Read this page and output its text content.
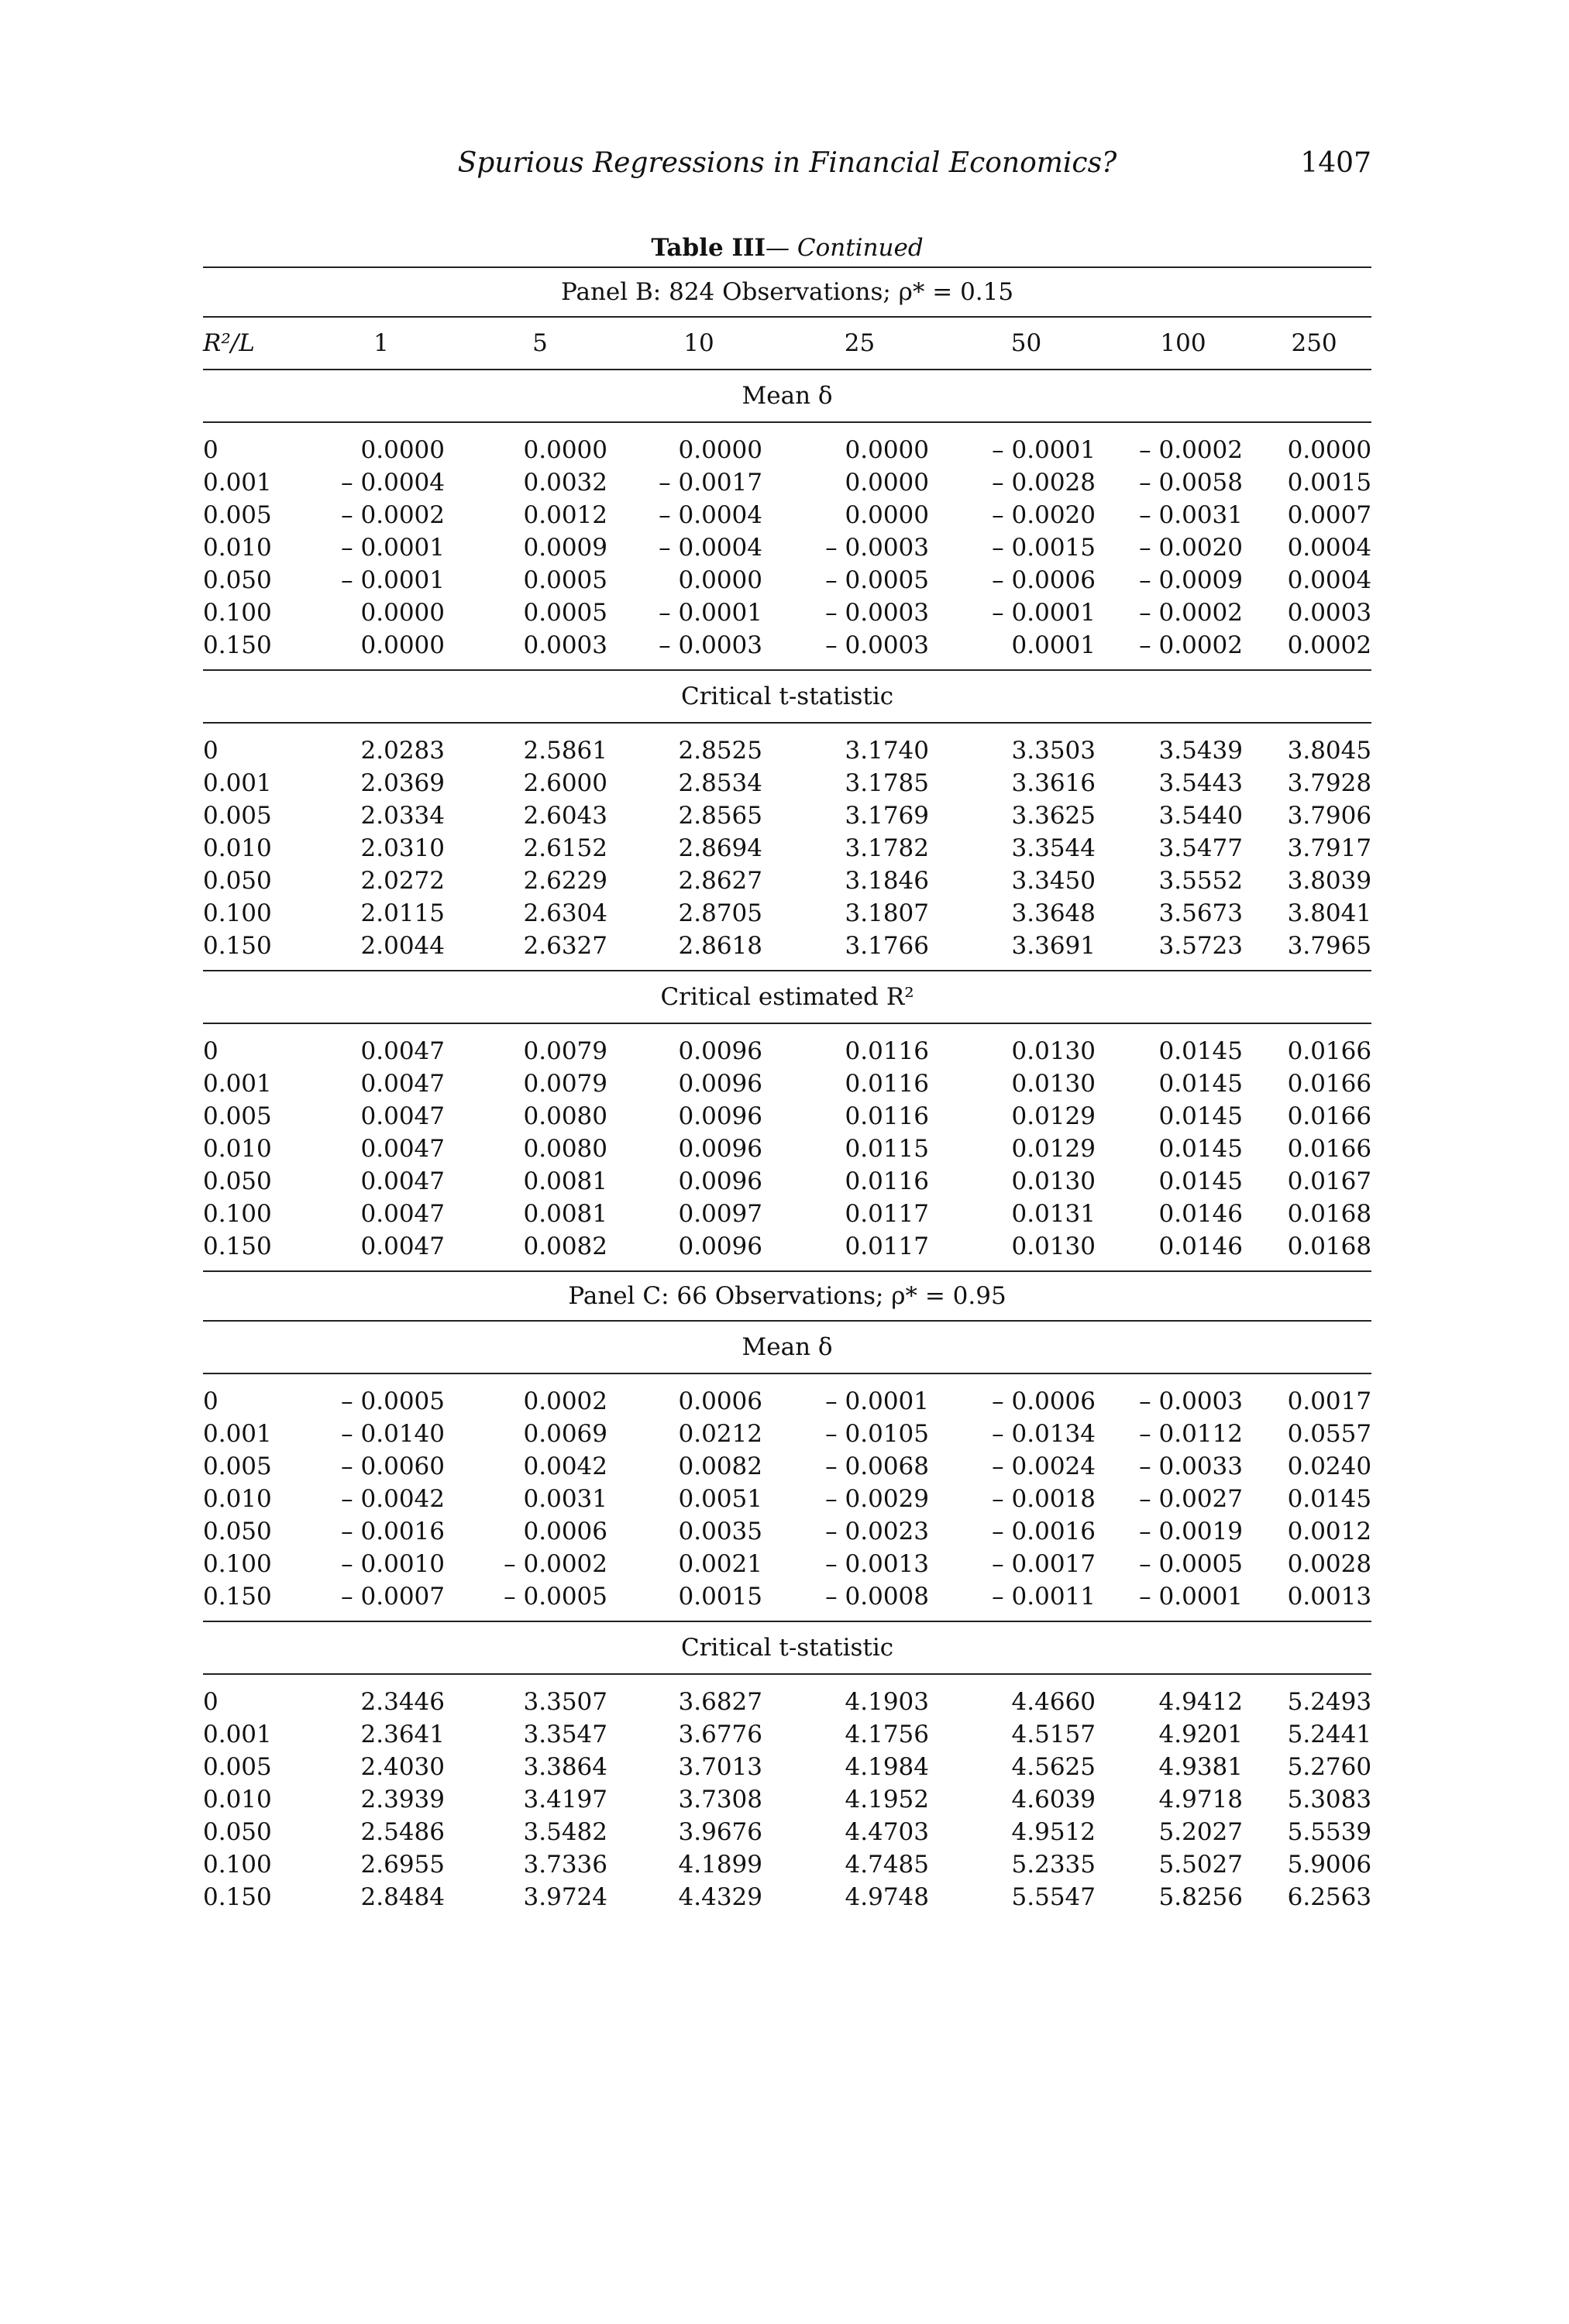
Spurious Regressions in Financial Economics?	1407
Table III— Continued
Panel B: 824 Observations; ρ* = 0.15							
R²/L	1	5	10	25	50	100	250
Mean δ							

0	0.0000	0.0000	0.0000	0.0000	– 0.0001	– 0.0002	0.0000
0.001	– 0.0004	0.0032	– 0.0017	0.0000	– 0.0028	– 0.0058	0.0015
0.005	– 0.0002	0.0012	– 0.0004	0.0000	– 0.0020	– 0.0031	0.0007
0.010	– 0.0001	0.0009	– 0.0004	– 0.0003	– 0.0015	– 0.0020	0.0004
0.050	– 0.0001	0.0005	0.0000	– 0.0005	– 0.0006	– 0.0009	0.0004
0.100	0.0000	0.0005	– 0.0001	– 0.0003	– 0.0001	– 0.0002	0.0003
0.150	0.0000	0.0003	– 0.0003	– 0.0003	0.0001	– 0.0002	0.0002

Critical t-statistic							

0	2.0283	2.5861	2.8525	3.1740	3.3503	3.5439	3.8045
0.001	2.0369	2.6000	2.8534	3.1785	3.3616	3.5443	3.7928
0.005	2.0334	2.6043	2.8565	3.1769	3.3625	3.5440	3.7906
0.010	2.0310	2.6152	2.8694	3.1782	3.3544	3.5477	3.7917
0.050	2.0272	2.6229	2.8627	3.1846	3.3450	3.5552	3.8039
0.100	2.0115	2.6304	2.8705	3.1807	3.3648	3.5673	3.8041
0.150	2.0044	2.6327	2.8618	3.1766	3.3691	3.5723	3.7965

Critical estimated R²							

0	0.0047	0.0079	0.0096	0.0116	0.0130	0.0145	0.0166
0.001	0.0047	0.0079	0.0096	0.0116	0.0130	0.0145	0.0166
0.005	0.0047	0.0080	0.0096	0.0116	0.0129	0.0145	0.0166
0.010	0.0047	0.0080	0.0096	0.0115	0.0129	0.0145	0.0166
0.050	0.0047	0.0081	0.0096	0.0116	0.0130	0.0145	0.0167
0.100	0.0047	0.0081	0.0097	0.0117	0.0131	0.0146	0.0168
0.150	0.0047	0.0082	0.0096	0.0117	0.0130	0.0146	0.0168

Panel C: 66 Observations; ρ* = 0.95							
Mean δ							

0	– 0.0005	0.0002	0.0006	– 0.0001	– 0.0006	– 0.0003	0.0017
0.001	– 0.0140	0.0069	0.0212	– 0.0105	– 0.0134	– 0.0112	0.0557
0.005	– 0.0060	0.0042	0.0082	– 0.0068	– 0.0024	– 0.0033	0.0240
0.010	– 0.0042	0.0031	0.0051	– 0.0029	– 0.0018	– 0.0027	0.0145
0.050	– 0.0016	0.0006	0.0035	– 0.0023	– 0.0016	– 0.0019	0.0012
0.100	– 0.0010	– 0.0002	0.0021	– 0.0013	– 0.0017	– 0.0005	0.0028
0.150	– 0.0007	– 0.0005	0.0015	– 0.0008	– 0.0011	– 0.0001	0.0013

Critical t-statistic							

0	2.3446	3.3507	3.6827	4.1903	4.4660	4.9412	5.2493
0.001	2.3641	3.3547	3.6776	4.1756	4.5157	4.9201	5.2441
0.005	2.4030	3.3864	3.7013	4.1984	4.5625	4.9381	5.2760
0.010	2.3939	3.4197	3.7308	4.1952	4.6039	4.9718	5.3083
0.050	2.5486	3.5482	3.9676	4.4703	4.9512	5.2027	5.5539
0.100	2.6955	3.7336	4.1899	4.7485	5.2335	5.5027	5.9006
0.150	2.8484	3.9724	4.4329	4.9748	5.5547	5.8256	6.2563
